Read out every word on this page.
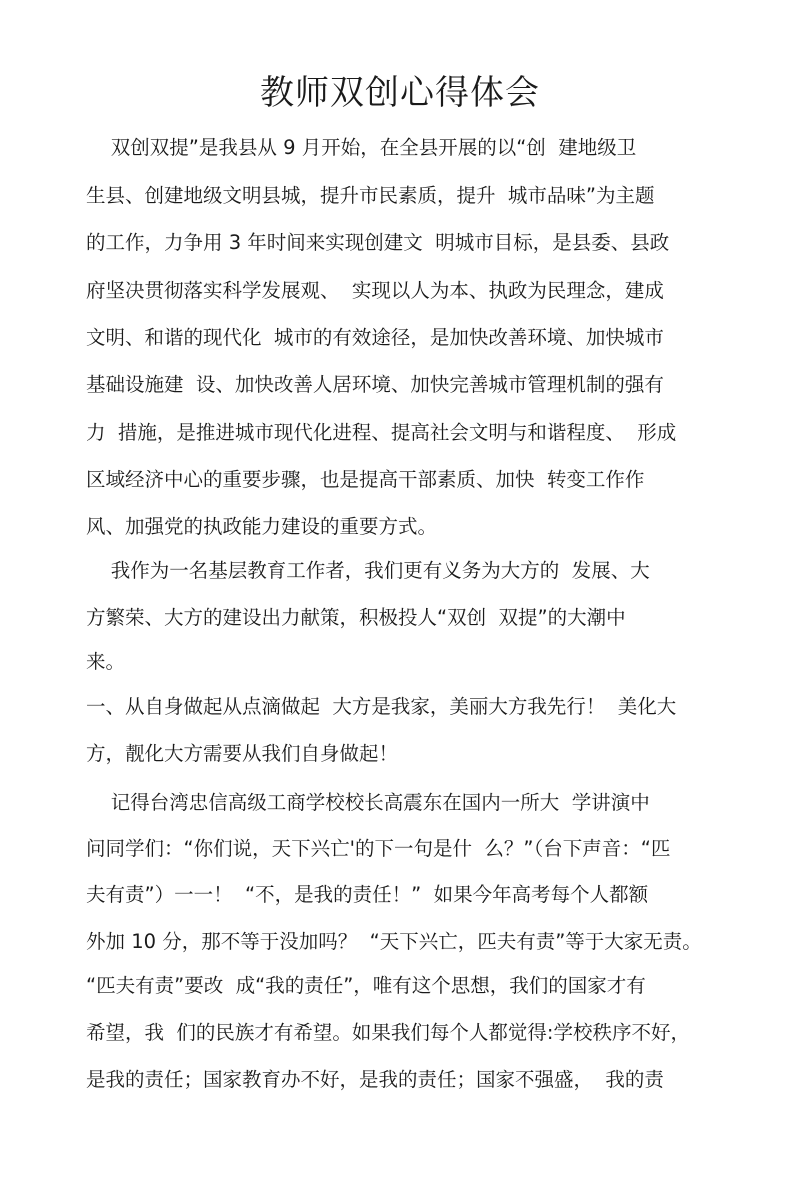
教师双创心得体会
双创双提”是我县从 9 月开始，在全县开展的以“创  建地级卫
生县、创建地级文明县城，提升市民素质，提升  城市品味”为主题
的工作，力争用 3 年时间来实现创建文  明城市目标，是县委、县政
府坚决贯彻落实科学发展观、  实现以人为本、执政为民理念，建成
文明、和谐的现代化  城市的有效途径，是加快改善环境、加快城市
基础设施建  设、加快改善人居环境、加快完善城市管理机制的强有
力  措施，是推进城市现代化进程、提高社会文明与和谐程度、  形成
区域经济中心的重要步骤，也是提高干部素质、加快  转变工作作
风、加强党的执政能力建设的重要方式。
我作为一名基层教育工作者，我们更有义务为大方的  发展、大
方繁荣、大方的建设出力献策，积极投人“双创  双提”的大潮中
来。
一、从自身做起从点滴做起  大方是我家，美丽大方我先行！  美化大
方，靓化大方需要从我们自身做起！
记得台湾忠信高级工商学校校长高震东在国内一所大  学讲演中
问同学们：“你们说，天下兴亡'的下一句是什  么？”（台下声音：“匹
夫有责”）一一！  “不，是我的责任！”  如果今年高考每个人都额
外加 10 分，那不等于没加吗？  “天下兴亡，匹夫有责”等于大家无责。
“匹夫有责”要改  成“我的责任”，唯有这个思想，我们的国家才有
希望，我  们的民族才有希望。如果我们每个人都觉得:学校秩序不好，
是我的责任；国家教育办不好，是我的责任；国家不强盛，  我的责
